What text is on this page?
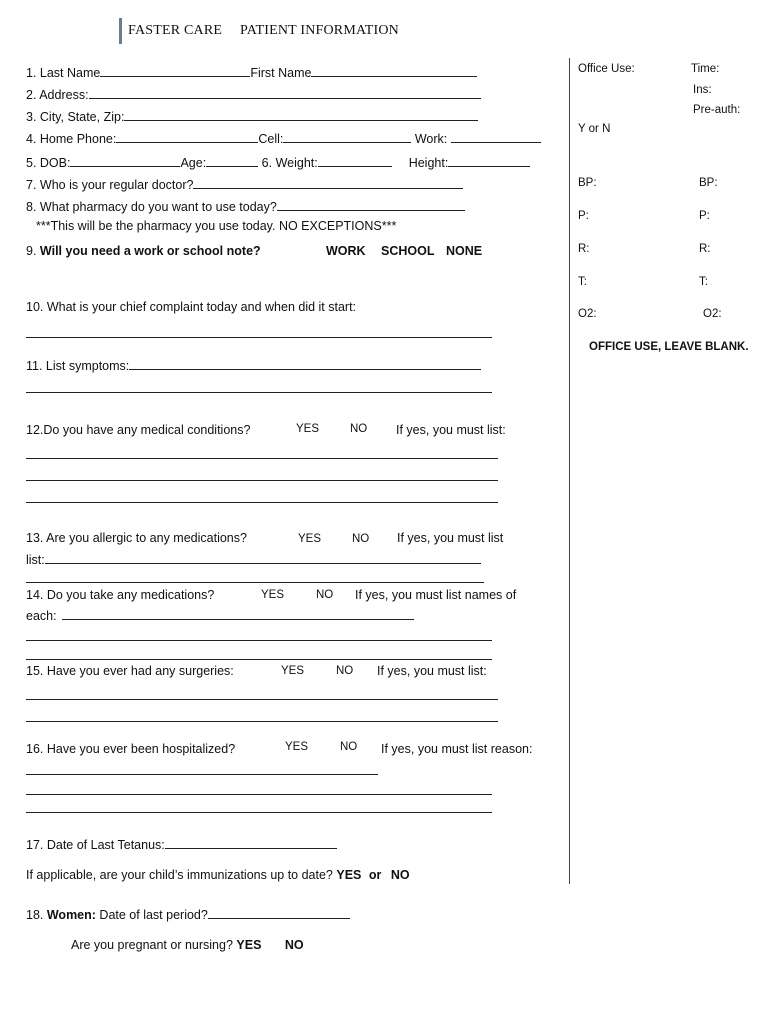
FASTER CARE PATIENT INFORMATION
1. Last Name	First Name
2. Address:
3. City, State, Zip:
4. Home Phone:	Cell:	Work:
5. DOB:	Age:	6. Weight:	Height:
7. Who is your regular doctor?
8. What pharmacy do you want to use today?
***This will be the pharmacy you use today. NO EXCEPTIONS***
9. Will you need a work or school note?	WORK SCHOOL NONE
10. What is your chief complaint today and when did it start:
11. List symptoms:
12.Do you have any medical conditions?	YES	NO If yes, you must list:
13. Are you allergic to any medications?	YES	NO If yes, you must list
list:
14. Do you take any medications?	YES	NO If yes, you must list names of
each:
15. Have you ever had any surgeries:	YES	NO If yes, you must list:
16. Have you ever been hospitalized?	YES	NO If yes, you must list reason:
17. Date of Last Tetanus:
If applicable, are your child’s immunizations up to date? YES or NO
18. Women: Date of last period?
Are you pregnant or nursing? YES NO
Office Use:	Time:
Ins:
Pre-auth:
Y or N
BP:	BP:
P:	P:
R:	R:
T:	T:
O2:	O2:
OFFICE USE, LEAVE BLANK.
